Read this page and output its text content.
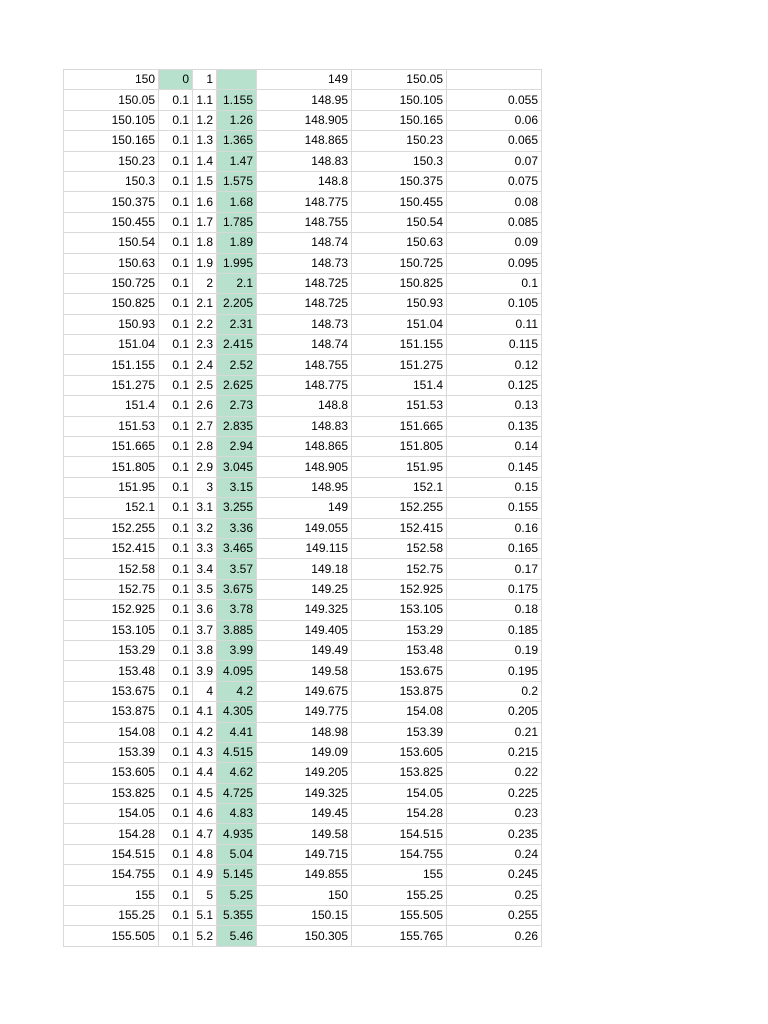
150	0	1		149	150.05	
150.05	0.1	1.1	1.155	148.95	150.105	0.055
150.105	0.1	1.2	1.26	148.905	150.165	0.06
150.165	0.1	1.3	1.365	148.865	150.23	0.065
150.23	0.1	1.4	1.47	148.83	150.3	0.07
150.3	0.1	1.5	1.575	148.8	150.375	0.075
150.375	0.1	1.6	1.68	148.775	150.455	0.08
150.455	0.1	1.7	1.785	148.755	150.54	0.085
150.54	0.1	1.8	1.89	148.74	150.63	0.09
150.63	0.1	1.9	1.995	148.73	150.725	0.095
150.725	0.1	2	2.1	148.725	150.825	0.1
150.825	0.1	2.1	2.205	148.725	150.93	0.105
150.93	0.1	2.2	2.31	148.73	151.04	0.11
151.04	0.1	2.3	2.415	148.74	151.155	0.115
151.155	0.1	2.4	2.52	148.755	151.275	0.12
151.275	0.1	2.5	2.625	148.775	151.4	0.125
151.4	0.1	2.6	2.73	148.8	151.53	0.13
151.53	0.1	2.7	2.835	148.83	151.665	0.135
151.665	0.1	2.8	2.94	148.865	151.805	0.14
151.805	0.1	2.9	3.045	148.905	151.95	0.145
151.95	0.1	3	3.15	148.95	152.1	0.15
152.1	0.1	3.1	3.255	149	152.255	0.155
152.255	0.1	3.2	3.36	149.055	152.415	0.16
152.415	0.1	3.3	3.465	149.115	152.58	0.165
152.58	0.1	3.4	3.57	149.18	152.75	0.17
152.75	0.1	3.5	3.675	149.25	152.925	0.175
152.925	0.1	3.6	3.78	149.325	153.105	0.18
153.105	0.1	3.7	3.885	149.405	153.29	0.185
153.29	0.1	3.8	3.99	149.49	153.48	0.19
153.48	0.1	3.9	4.095	149.58	153.675	0.195
153.675	0.1	4	4.2	149.675	153.875	0.2
153.875	0.1	4.1	4.305	149.775	154.08	0.205
154.08	0.1	4.2	4.41	148.98	153.39	0.21
153.39	0.1	4.3	4.515	149.09	153.605	0.215
153.605	0.1	4.4	4.62	149.205	153.825	0.22
153.825	0.1	4.5	4.725	149.325	154.05	0.225
154.05	0.1	4.6	4.83	149.45	154.28	0.23
154.28	0.1	4.7	4.935	149.58	154.515	0.235
154.515	0.1	4.8	5.04	149.715	154.755	0.24
154.755	0.1	4.9	5.145	149.855	155	0.245
155	0.1	5	5.25	150	155.25	0.25
155.25	0.1	5.1	5.355	150.15	155.505	0.255
155.505	0.1	5.2	5.46	150.305	155.765	0.26
